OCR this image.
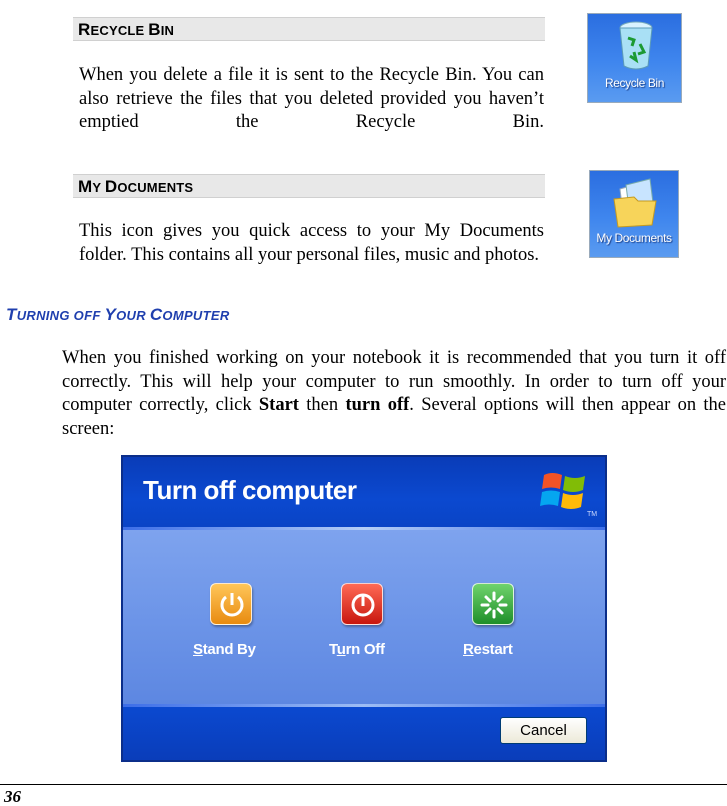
RECYCLE BIN
When you delete a file it is sent to the Recycle Bin. You can also retrieve the files that you deleted provided you haven’t emptied the Recycle Bin.
Recycle Bin
MY DOCUMENTS
This icon gives you quick access to your My Documents folder. This contains all your personal files, music and photos.
My Documents
TURNING OFF YOUR COMPUTER
When you finished working on your notebook it is recommended that you turn it off correctly. This will help your computer to run smoothly. In order to turn off your computer correctly, click Start then turn off. Several options will then appear on the screen:
Turn off computer
TM
Stand By	Turn Off	Restart
Cancel
36
